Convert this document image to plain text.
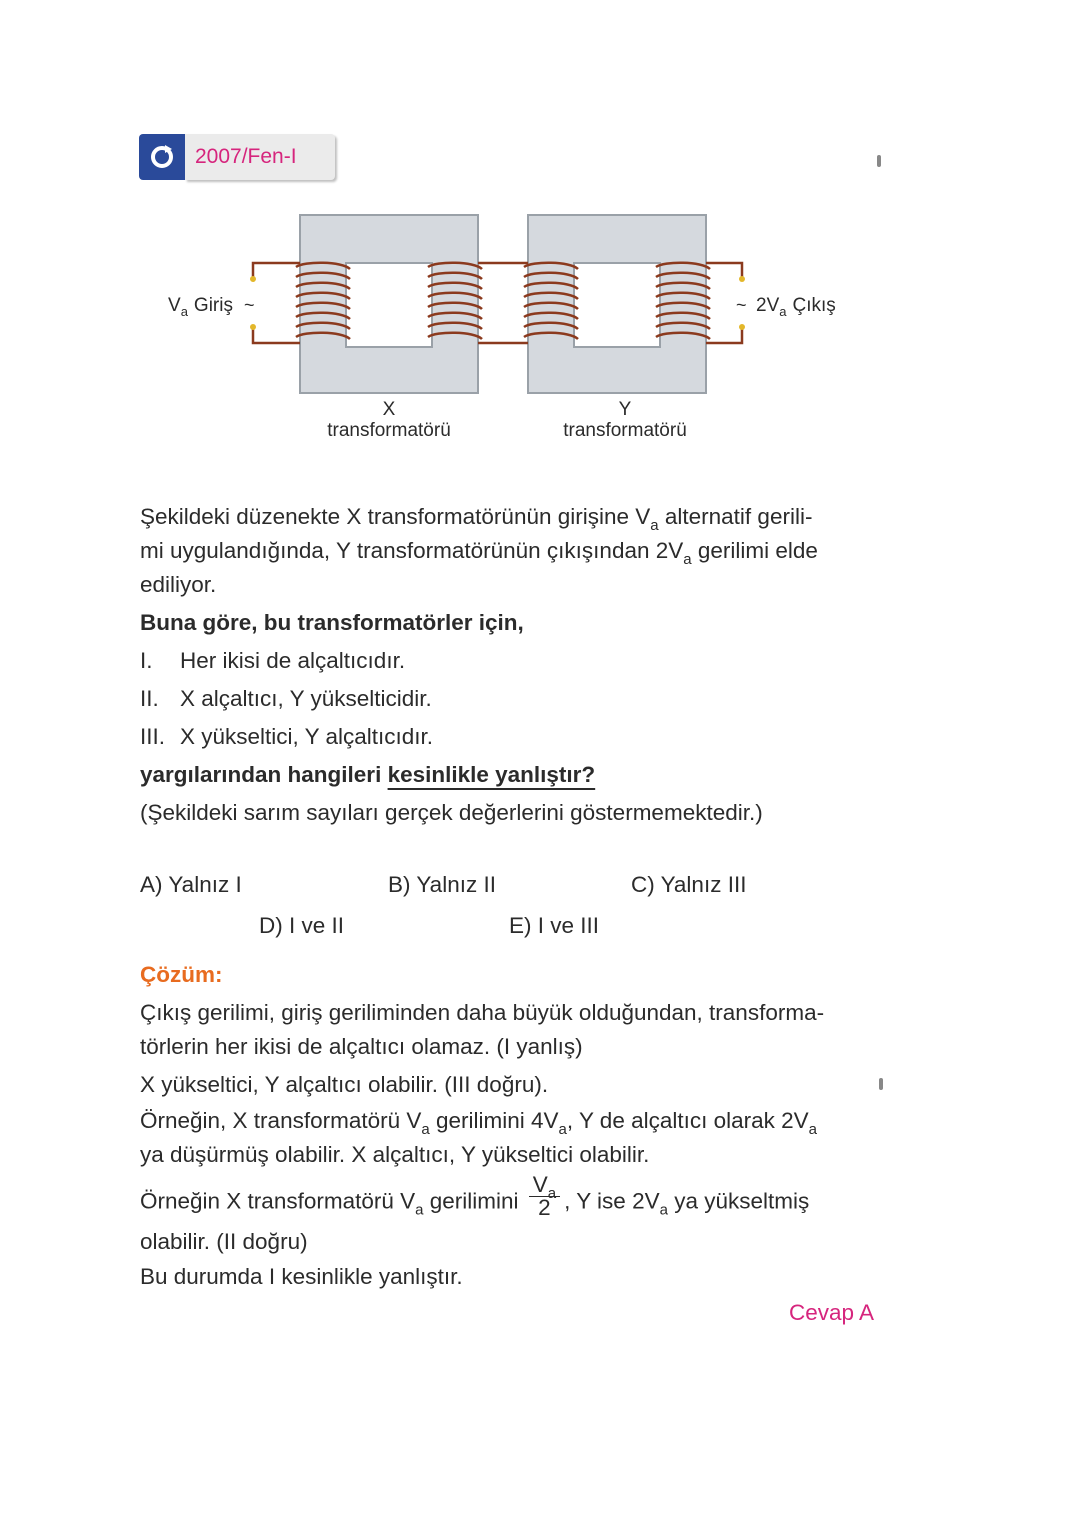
2007/Fen-I
$V_a$ Giriş ~	~ $2V_a$ Çıkış
X
transformatörü
Y
transformatörü
Şekildeki düzenekte X transformatörünün girişine $V_a$ alternatif gerili-
mi uygulandığında, Y transformatörünün çıkışından $2V_a$ gerilimi elde
ediliyor.
Buna göre, bu transformatörler için,
I. Her ikisi de alçaltıcıdır.
II. X alçaltıcı, Y yükselticidir.
III. X yükseltici, Y alçaltıcıdır.
yargılarından hangileri kesinlikle yanlıştır?
(Şekildeki sarım sayıları gerçek değerlerini göstermemektedir.)
A) Yalnız I	B) Yalnız II	C) Yalnız III
D) I ve II	E) I ve III
Çözüm:
Çıkış gerilimi, giriş geriliminden daha büyük olduğundan, transforma-
törlerin her ikisi de alçaltıcı olamaz. (I yanlış)
X yükseltici, Y alçaltıcı olabilir. (III doğru).
Örneğin, X transformatörü $V_a$ gerilimini $4V_a$, Y de alçaltıcı olarak $2V_a$
ya düşürmüş olabilir. X alçaltıcı, Y yükseltici olabilir.
Örneğin X transformatörü $V_a$ gerilimini $\frac{V_a}{2}$ , Y ise $2V_a$ ya yükseltmiş
olabilir. (II doğru)
Bu durumda I kesinlikle yanlıştır.
Cevap A
